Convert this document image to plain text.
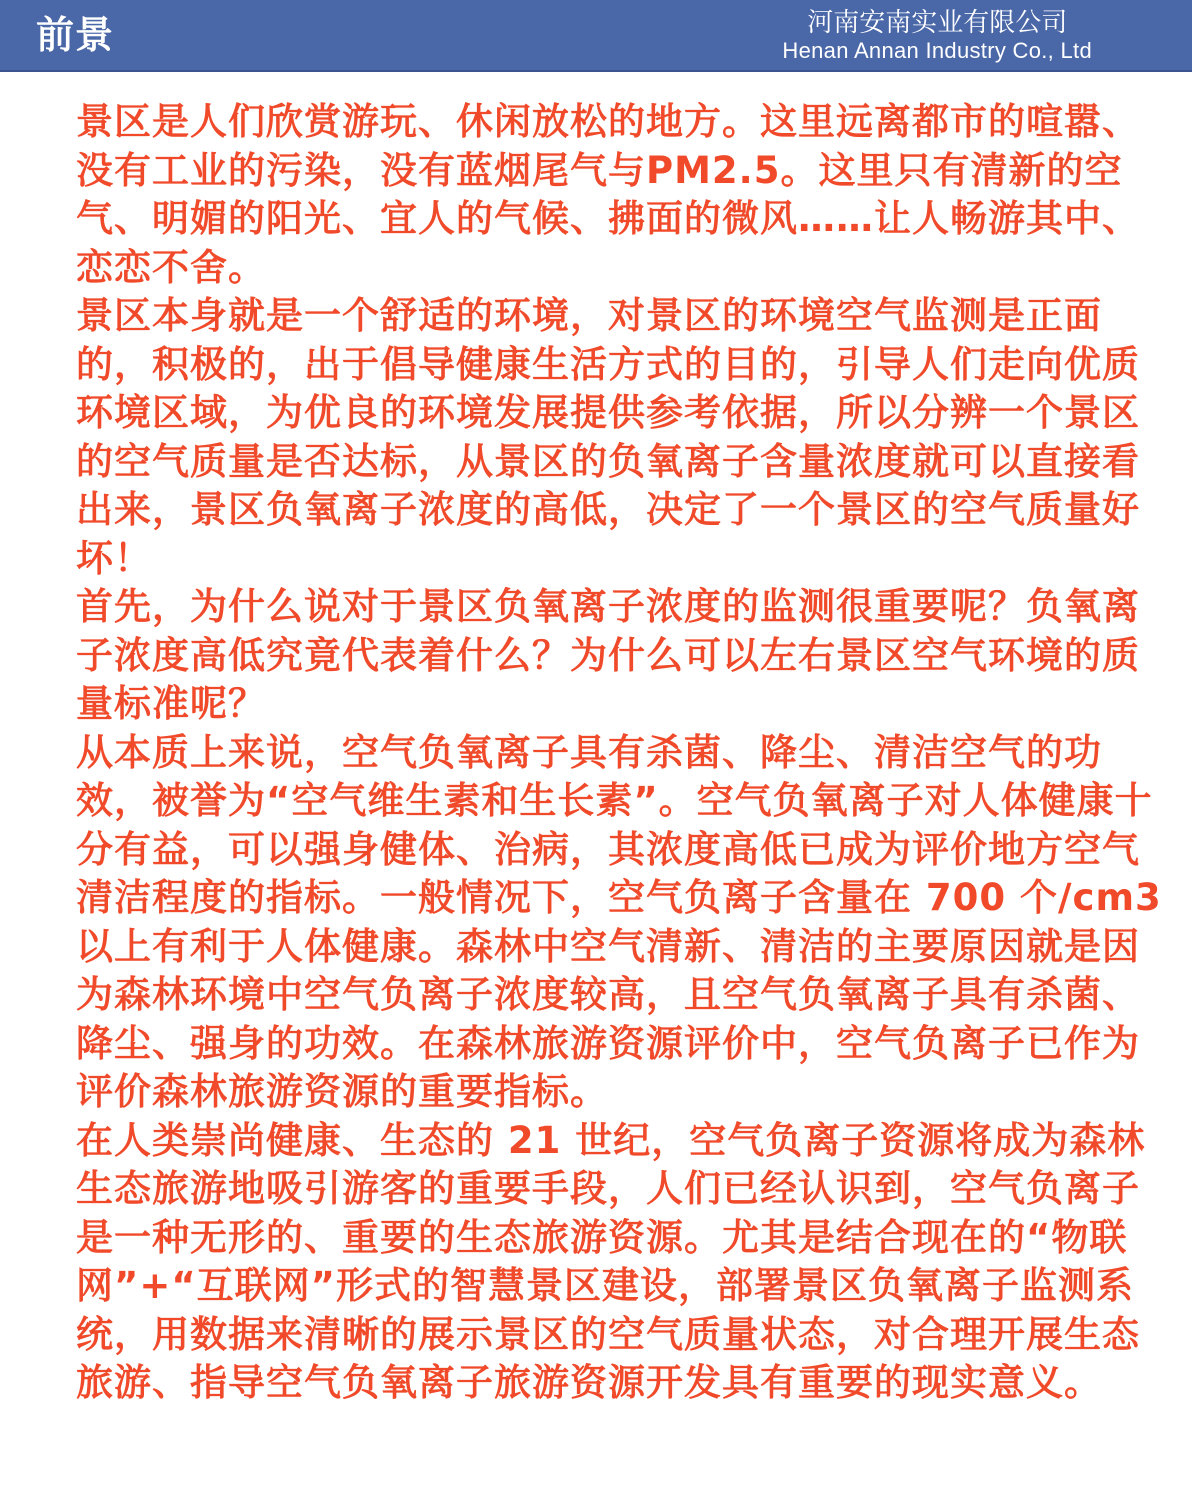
前景	河南安南实业有限公司
Henan Annan Industry Co., Ltd

景区是人们欣赏游玩、休闲放松的地方。这里远离都市的喧嚣、没有工业的污染，没有蓝烟尾气与PM2.5。这里只有清新的空气、明媚的阳光、宜人的气候、拂面的微风……让人畅游其中、恋恋不舍。

景区本身就是一个舒适的环境，对景区的环境空气监测是正面的，积极的，出于倡导健康生活方式的目的，引导人们走向优质环境区域，为优良的环境发展提供参考依据，所以分辨一个景区的空气质量是否达标，从景区的负氧离子含量浓度就可以直接看出来，景区负氧离子浓度的高低，决定了一个景区的空气质量好坏！

首先，为什么说对于景区负氧离子浓度的监测很重要呢？负氧离子浓度高低究竟代表着什么？为什么可以左右景区空气环境的质量标准呢？

从本质上来说，空气负氧离子具有杀菌、降尘、清洁空气的功效，被誉为“空气维生素和生长素”。空气负氧离子对人体健康十分有益，可以强身健体、治病，其浓度高低已成为评价地方空气清洁程度的指标。一般情况下，空气负离子含量在 700 个/cm3 以上有利于人体健康。森林中空气清新、清洁的主要原因就是因为森林环境中空气负离子浓度较高，且空气负氧离子具有杀菌、降尘、强身的功效。在森林旅游资源评价中，空气负离子已作为评价森林旅游资源的重要指标。

在人类崇尚健康、生态的 21 世纪，空气负离子资源将成为森林生态旅游地吸引游客的重要手段，人们已经认识到，空气负离子是一种无形的、重要的生态旅游资源。尤其是结合现在的“物联网”+“互联网”形式的智慧景区建设，部署景区负氧离子监测系统，用数据来清晰的展示景区的空气质量状态，对合理开展生态旅游、指导空气负氧离子旅游资源开发具有重要的现实意义。
